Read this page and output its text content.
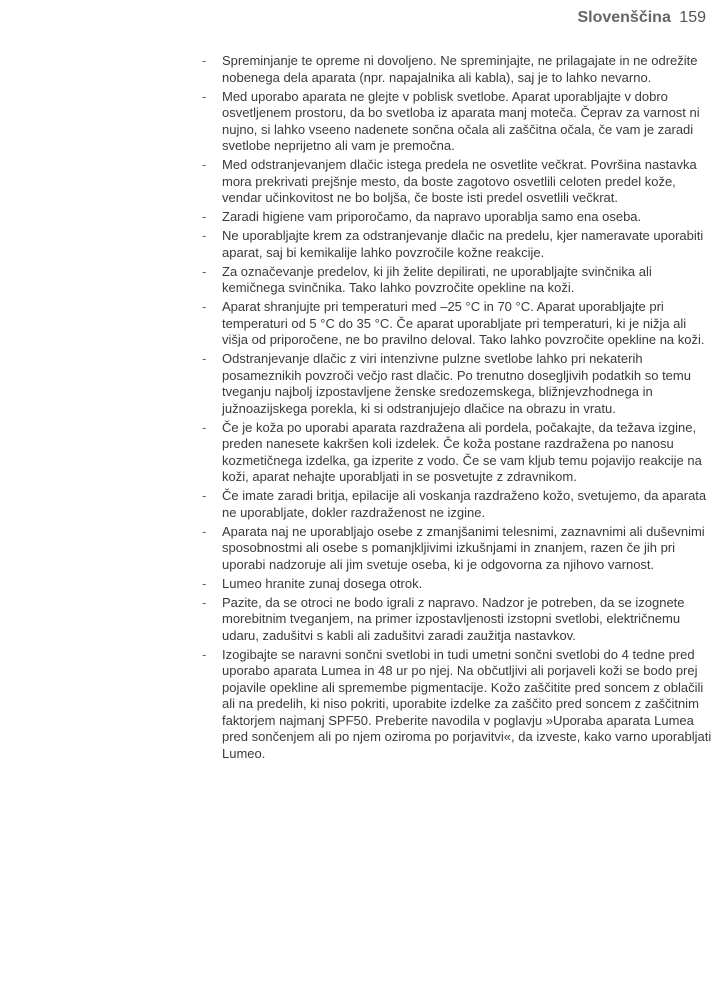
Slovenščina 159
- Spreminjanje te opreme ni dovoljeno. Ne spreminjajte, ne prilagajate in ne odrežite nobenega dela aparata (npr. napajalnika ali kabla), saj je to lahko nevarno.
- Med uporabo aparata ne glejte v poblisk svetlobe. Aparat uporabljajte v dobro osvetljenem prostoru, da bo svetloba iz aparata manj moteča. Čeprav za varnost ni nujno, si lahko vseeno nadenete sončna očala ali zaščitna očala, če vam je zaradi svetlobe neprijetno ali vam je premočna.
- Med odstranjevanjem dlačic istega predela ne osvetlite večkrat. Površina nastavka mora prekrivati prejšnje mesto, da boste zagotovo osvetlili celoten predel kože, vendar učinkovitost ne bo boljša, če boste isti predel osvetlili večkrat.
- Zaradi higiene vam priporočamo, da napravo uporablja samo ena oseba.
- Ne uporabljajte krem za odstranjevanje dlačic na predelu, kjer nameravate uporabiti aparat, saj bi kemikalije lahko povzročile kožne reakcije.
- Za označevanje predelov, ki jih želite depilirati, ne uporabljajte svinčnika ali kemičnega svinčnika. Tako lahko povzročite opekline na koži.
- Aparat shranjujte pri temperaturi med –25 °C in 70 °C. Aparat uporabljajte pri temperaturi od 5 °C do 35 °C. Če aparat uporabljate pri temperaturi, ki je nižja ali višja od priporočene, ne bo pravilno deloval. Tako lahko povzročite opekline na koži.
- Odstranjevanje dlačic z viri intenzivne pulzne svetlobe lahko pri nekaterih posameznikih povzroči večjo rast dlačic. Po trenutno dosegljivih podatkih so temu tveganju najbolj izpostavljene ženske sredozemskega, bližnjevzhodnega in južnoazijskega porekla, ki si odstranjujejo dlačice na obrazu in vratu.
- Če je koža po uporabi aparata razdražena ali pordela, počakajte, da težava izgine, preden nanesete kakršen koli izdelek. Če koža postane razdražena po nanosu kozmetičnega izdelka, ga izperite z vodo. Če se vam kljub temu pojavijo reakcije na koži, aparat nehajte uporabljati in se posvetujte z zdravnikom.
- Če imate zaradi britja, epilacije ali voskanja razdraženo kožo, svetujemo, da aparata ne uporabljate, dokler razdraženost ne izgine.
- Aparata naj ne uporabljajo osebe z zmanjšanimi telesnimi, zaznavnimi ali duševnimi sposobnostmi ali osebe s pomanjkljivimi izkušnjami in znanjem, razen če jih pri uporabi nadzoruje ali jim svetuje oseba, ki je odgovorna za njihovo varnost.
- Lumeo hranite zunaj dosega otrok.
- Pazite, da se otroci ne bodo igrali z napravo. Nadzor je potreben, da se izognete morebitnim tveganjem, na primer izpostavljenosti izstopni svetlobi, električnemu udaru, zadušitvi s kabli ali zadušitvi zaradi zaužitja nastavkov.
- Izogibajte se naravni sončni svetlobi in tudi umetni sončni svetlobi do 4 tedne pred uporabo aparata Lumea in 48 ur po njej. Na občutljivi ali porjaveli koži se bodo prej pojavile opekline ali spremembe pigmentacije. Kožo zaščitite pred soncem z oblačili ali na predelih, ki niso pokriti, uporabite izdelke za zaščito pred soncem z zaščitnim faktorjem najmanj SPF50. Preberite navodila v poglavju »Uporaba aparata Lumea pred sončenjem ali po njem oziroma po porjavitvi«, da izveste, kako varno uporabljati Lumeo.
